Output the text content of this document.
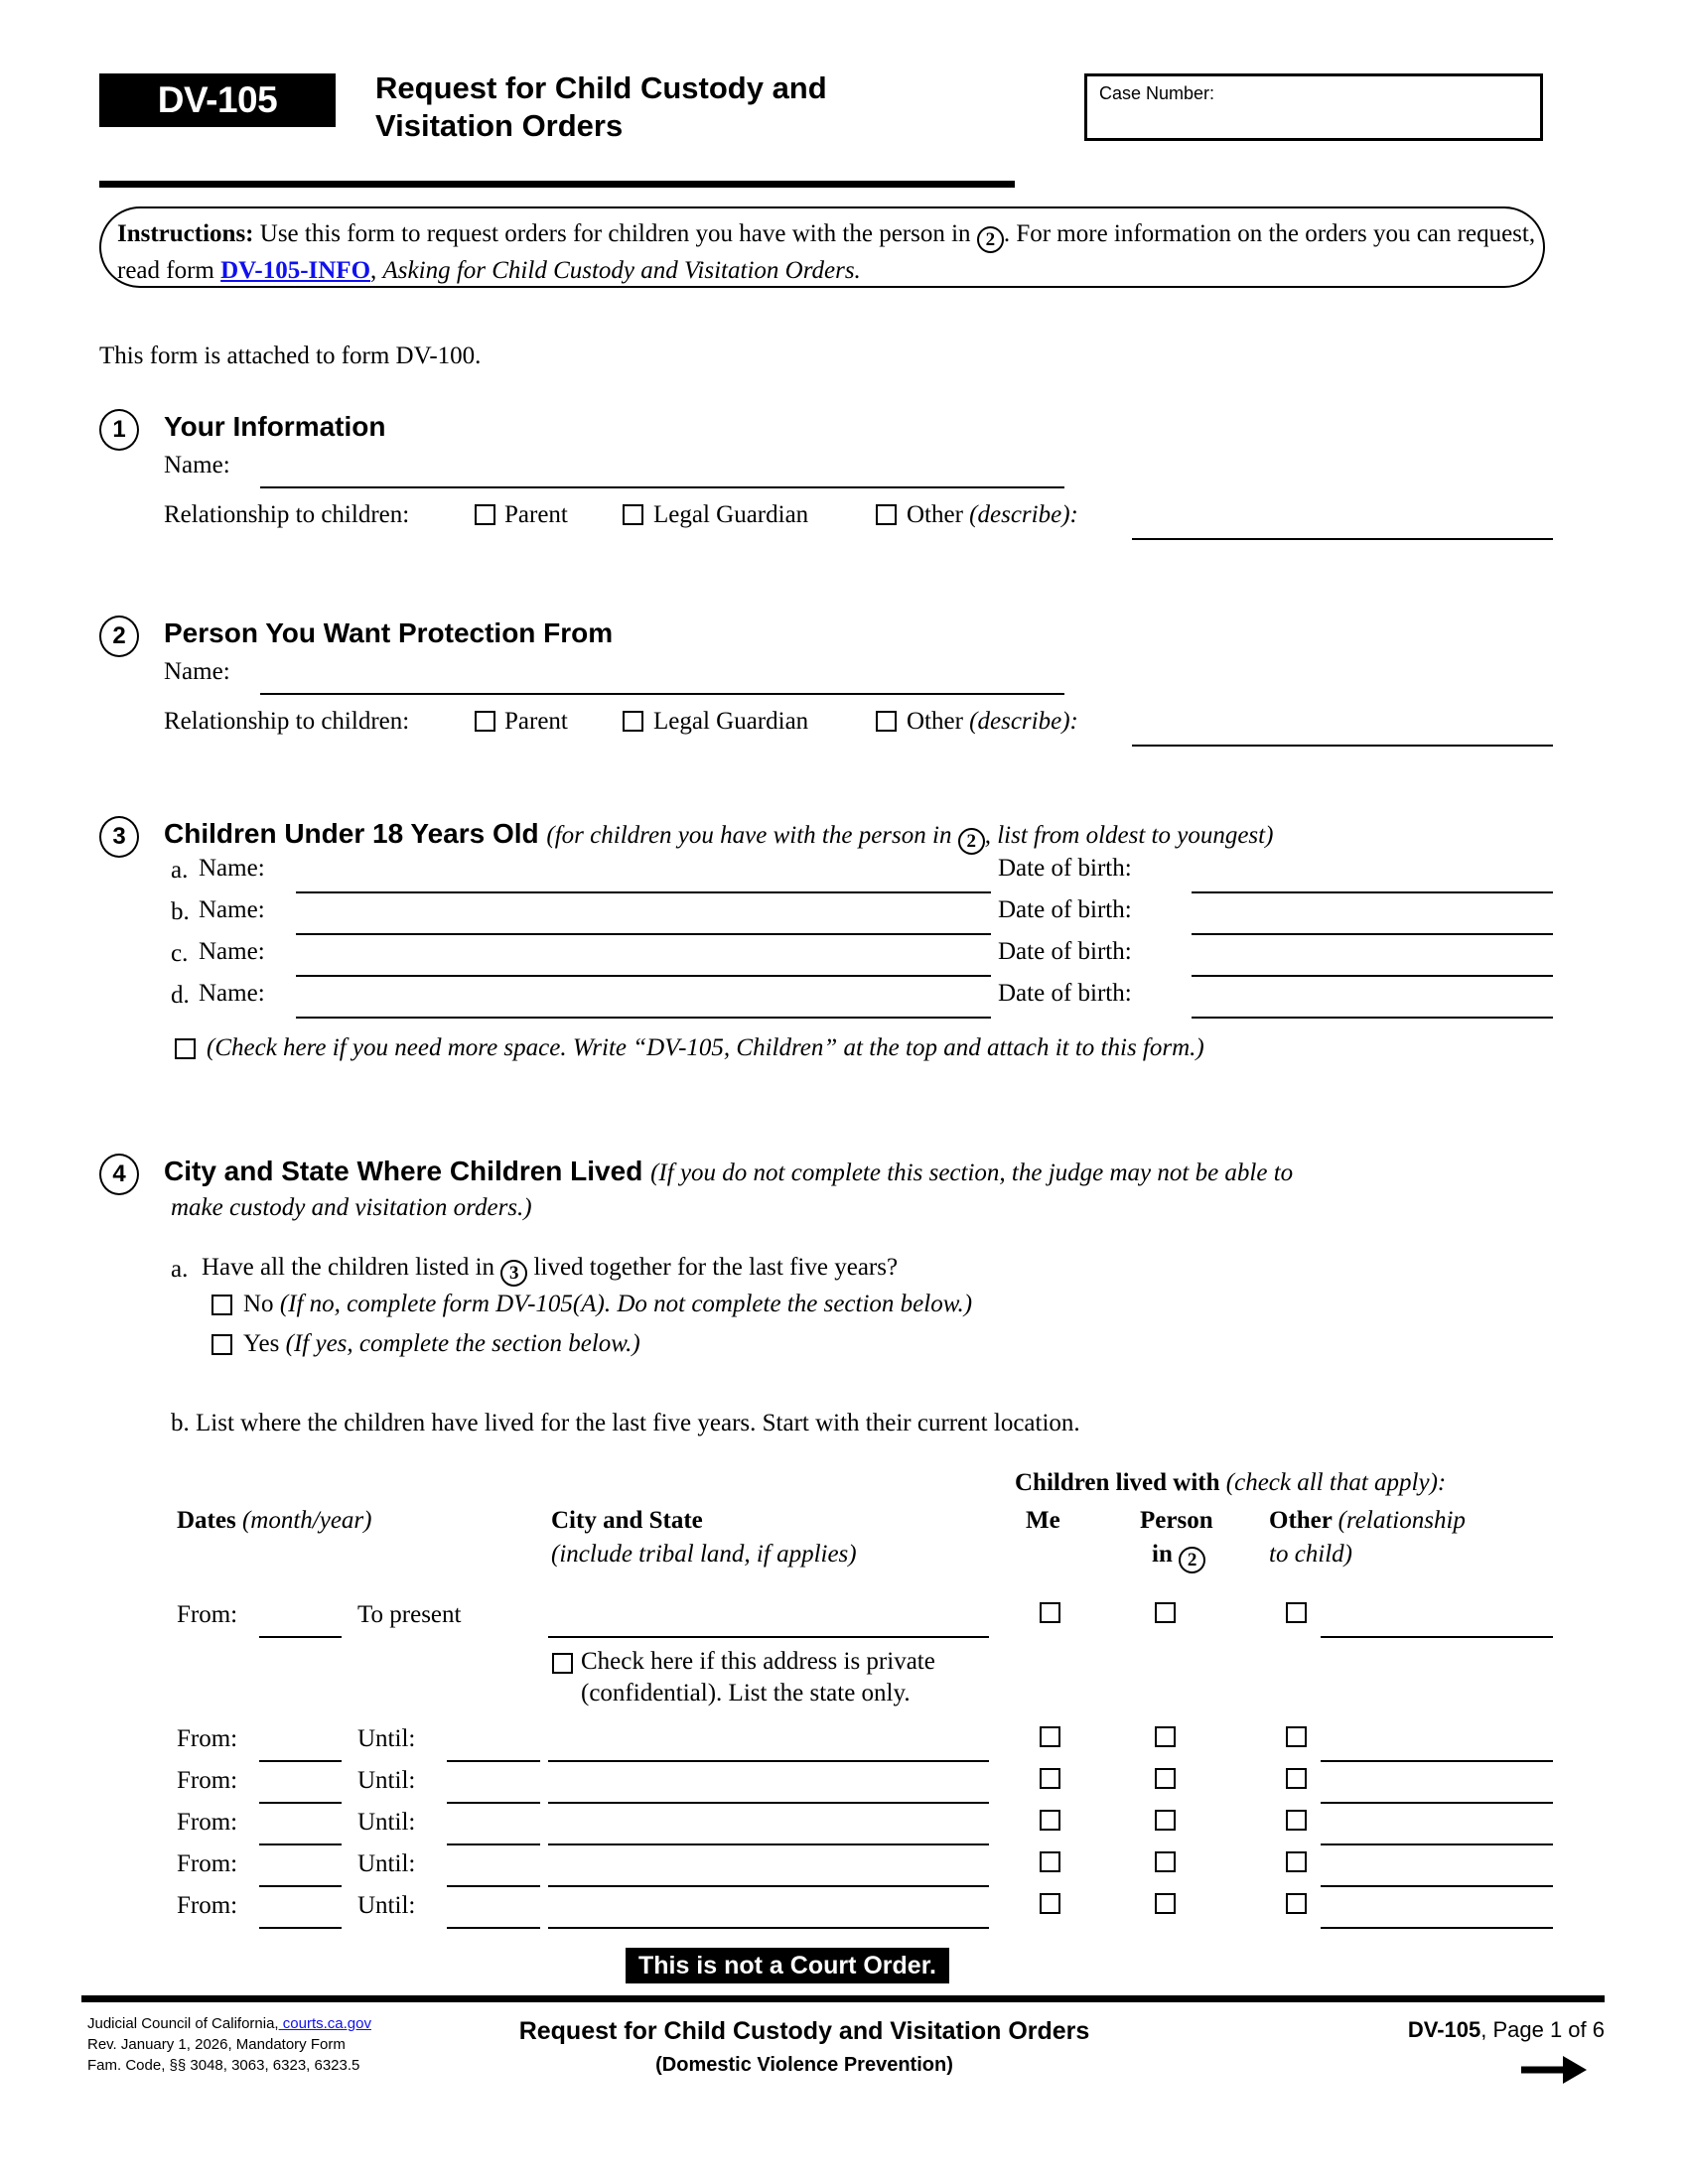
DV-105	Request for Child Custody and
Visitation Orders
Case Number:
Instructions: Use this form to request orders for children you have with the person in 2 . For more information on the orders you can request, read form DV-105-INFO, Asking for Child Custody and Visitation Orders.
This form is attached to form DV-100.
1	Your Information
Name:
Relationship to children:	Parent	Legal Guardian	Other (describe):
2	Person You Want Protection From
Name:
Relationship to children:	Parent	Legal Guardian	Other (describe):
3	Children Under 18 Years Old (for children you have with the person in 2 , list from oldest to youngest)
a. Name:	Date of birth:
b. Name:	Date of birth:
c. Name:	Date of birth:
d. Name:	Date of birth:
(Check here if you need more space. Write “DV-105, Children” at the top and attach it to this form.)
4	City and State Where Children Lived (If you do not complete this section, the judge may not be able to
make custody and visitation orders.)
a. Have all the children listed in 3 lived together for the last five years?
No (If no, complete form DV-105(A). Do not complete the section below.)
Yes (If yes, complete the section below.)
b. List where the children have lived for the last five years. Start with their current location.
Children lived with (check all that apply):
Dates (month/year)	City and State
(include tribal land, if applies)
Me	Person
in 2
Other (relationship
to child)
From:	To present
Check here if this address is private
(confidential). List the state only.
From:	Until:
From:	Until:
From:	Until:
From:	Until:
From:	Until:
This is not a Court Order.
Judicial Council of California, courts.ca.gov
Rev. January 1, 2026, Mandatory Form
Fam. Code, §§ 3048, 3063, 6323, 6323.5
Request for Child Custody and Visitation Orders
(Domestic Violence Prevention)
DV-105, Page 1 of 6
